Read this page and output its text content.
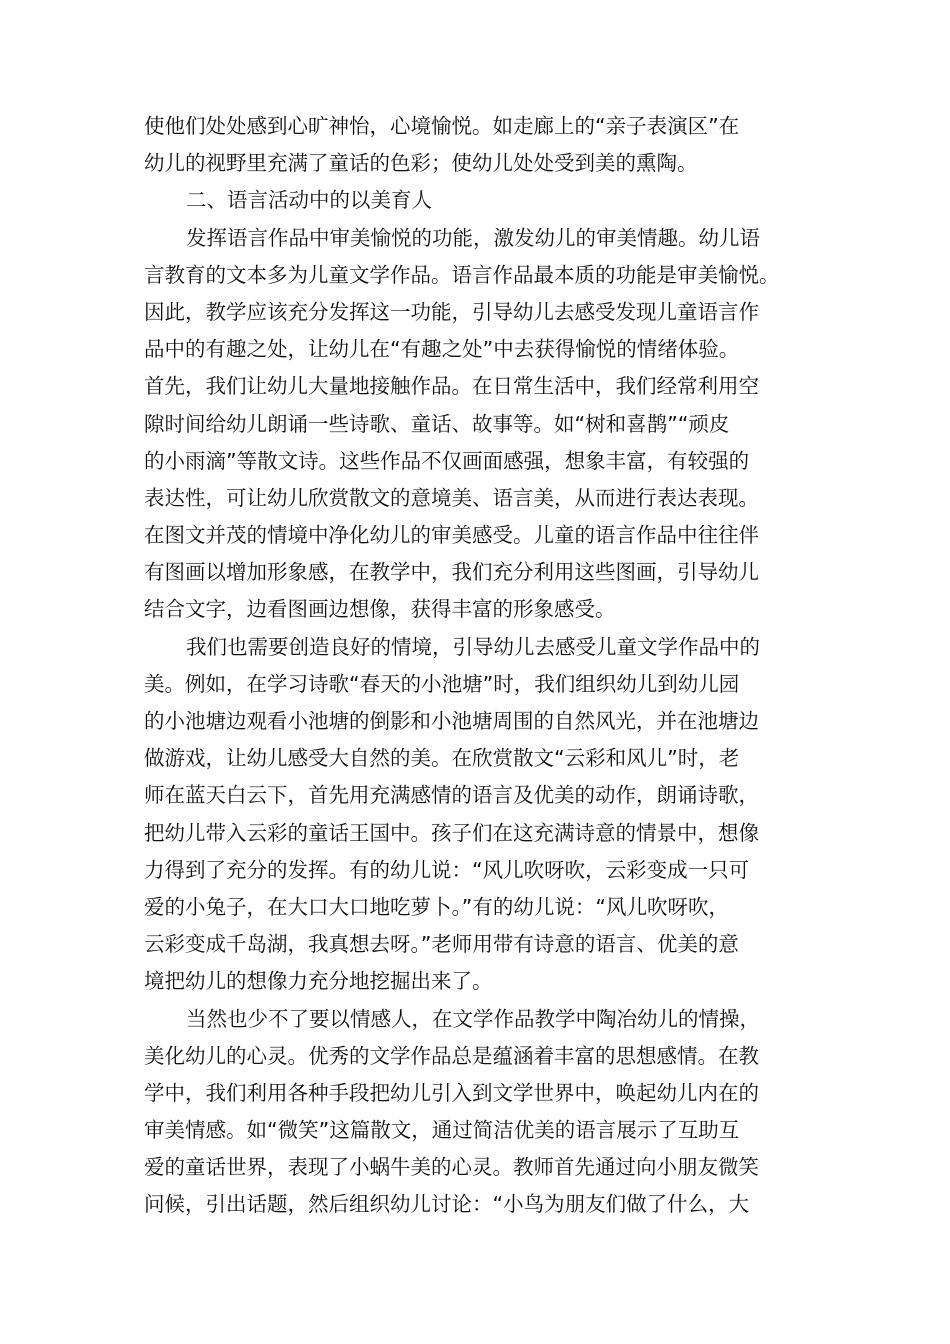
使他们处处感到心旷神怡，心境愉悦。如走廊上的“亲子表演区”在
幼儿的视野里充满了童话的色彩；使幼儿处处受到美的熏陶。
二、语言活动中的以美育人
发挥语言作品中审美愉悦的功能，激发幼儿的审美情趣。幼儿语
言教育的文本多为儿童文学作品。语言作品最本质的功能是审美愉悦。
因此，教学应该充分发挥这一功能，引导幼儿去感受发现儿童语言作
品中的有趣之处，让幼儿在“有趣之处”中去获得愉悦的情绪体验。
首先，我们让幼儿大量地接触作品。在日常生活中，我们经常利用空
隙时间给幼儿朗诵一些诗歌、童话、故事等。如“树和喜鹊”“顽皮
的小雨滴”等散文诗。这些作品不仅画面感强，想象丰富，有较强的
表达性，可让幼儿欣赏散文的意境美、语言美，从而进行表达表现。
在图文并茂的情境中净化幼儿的审美感受。儿童的语言作品中往往伴
有图画以增加形象感，在教学中，我们充分利用这些图画，引导幼儿
结合文字，边看图画边想像，获得丰富的形象感受。
我们也需要创造良好的情境，引导幼儿去感受儿童文学作品中的
美。例如，在学习诗歌“春天的小池塘”时，我们组织幼儿到幼儿园
的小池塘边观看小池塘的倒影和小池塘周围的自然风光，并在池塘边
做游戏，让幼儿感受大自然的美。在欣赏散文“云彩和风儿”时，老
师在蓝天白云下，首先用充满感情的语言及优美的动作，朗诵诗歌，
把幼儿带入云彩的童话王国中。孩子们在这充满诗意的情景中，想像
力得到了充分的发挥。有的幼儿说：“风儿吹呀吹，云彩变成一只可
爱的小兔子，在大口大口地吃萝卜。”有的幼儿说：“风儿吹呀吹，
云彩变成千岛湖，我真想去呀。”老师用带有诗意的语言、优美的意
境把幼儿的想像力充分地挖掘出来了。
当然也少不了要以情感人，在文学作品教学中陶冶幼儿的情操，
美化幼儿的心灵。优秀的文学作品总是蕴涵着丰富的思想感情。在教
学中，我们利用各种手段把幼儿引入到文学世界中，唤起幼儿内在的
审美情感。如“微笑”这篇散文，通过简洁优美的语言展示了互助互
爱的童话世界，表现了小蜗牛美的心灵。教师首先通过向小朋友微笑
问候，引出话题，然后组织幼儿讨论：“小鸟为朋友们做了什么，大
